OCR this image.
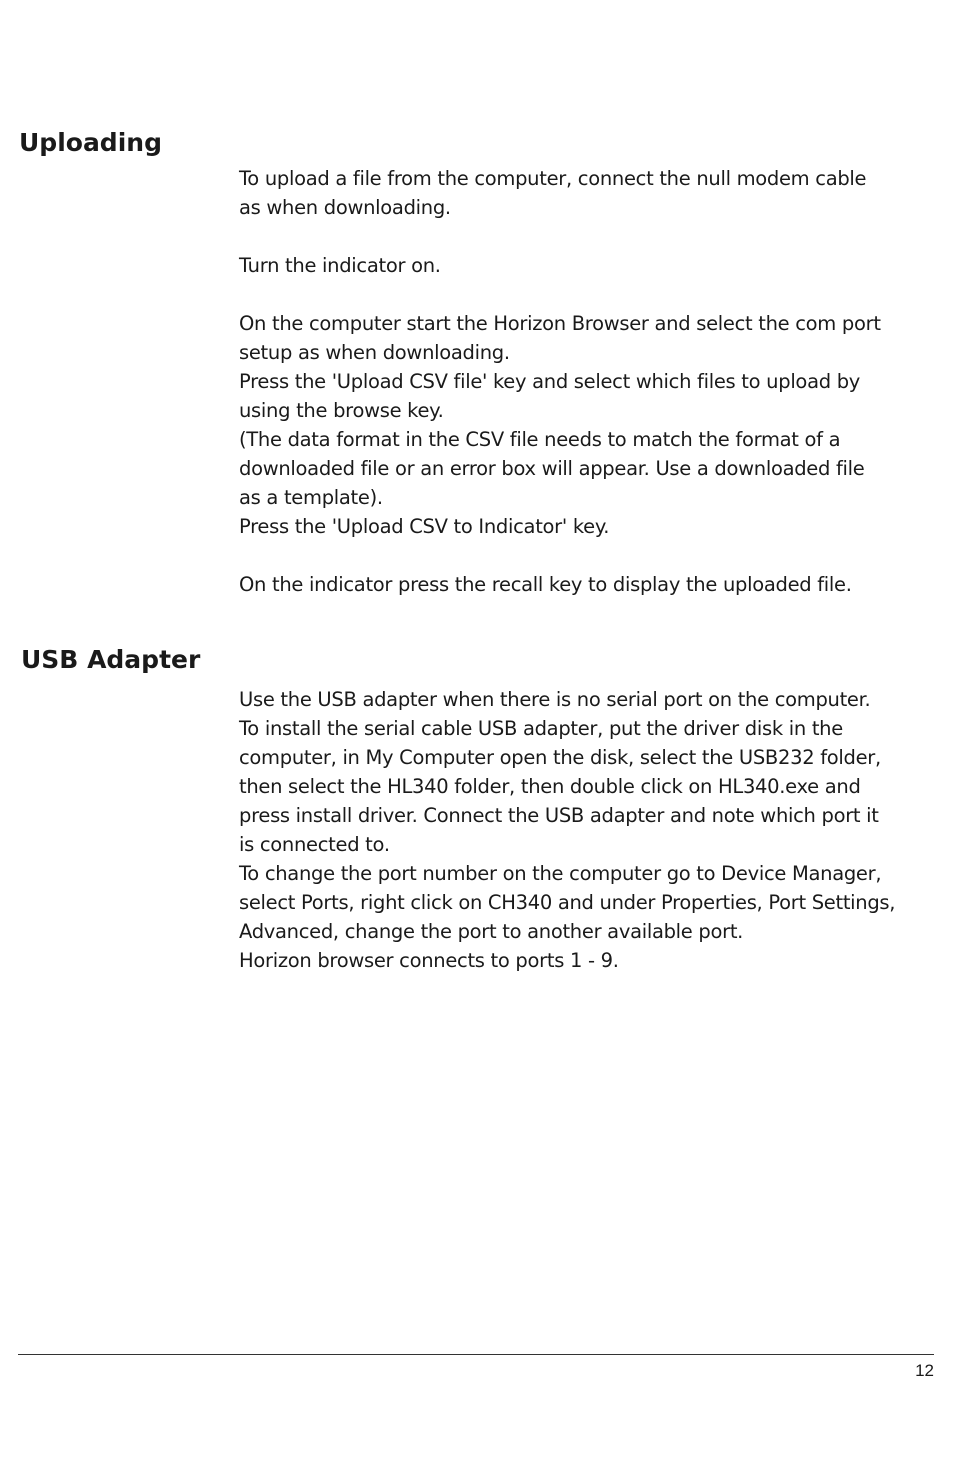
Uploading
To upload a file from the computer, connect the null modem cable
as when downloading.
Turn the indicator on.
On the computer start the Horizon Browser and select the com port
setup as when downloading.
Press the 'Upload CSV file' key and select which files to upload by
using the browse key.
(The data format in the CSV file needs to match the format of a
downloaded file or an error box will appear. Use a downloaded file
as a template).
Press the 'Upload CSV to Indicator' key.
On the indicator press the recall key to display the uploaded file.
USB Adapter
Use the USB adapter when there is no serial port on the computer.
To install the serial cable USB adapter, put the driver disk in the
computer, in My Computer open the disk, select the USB232 folder,
then select the HL340 folder, then double click on HL340.exe and
press install driver. Connect the USB adapter and note which port it
is connected to.
To change the port number on the computer go to Device Manager,
select Ports, right click on CH340 and under Properties, Port Settings,
Advanced, change the port to another available port.
Horizon browser connects to ports 1 - 9.
12
